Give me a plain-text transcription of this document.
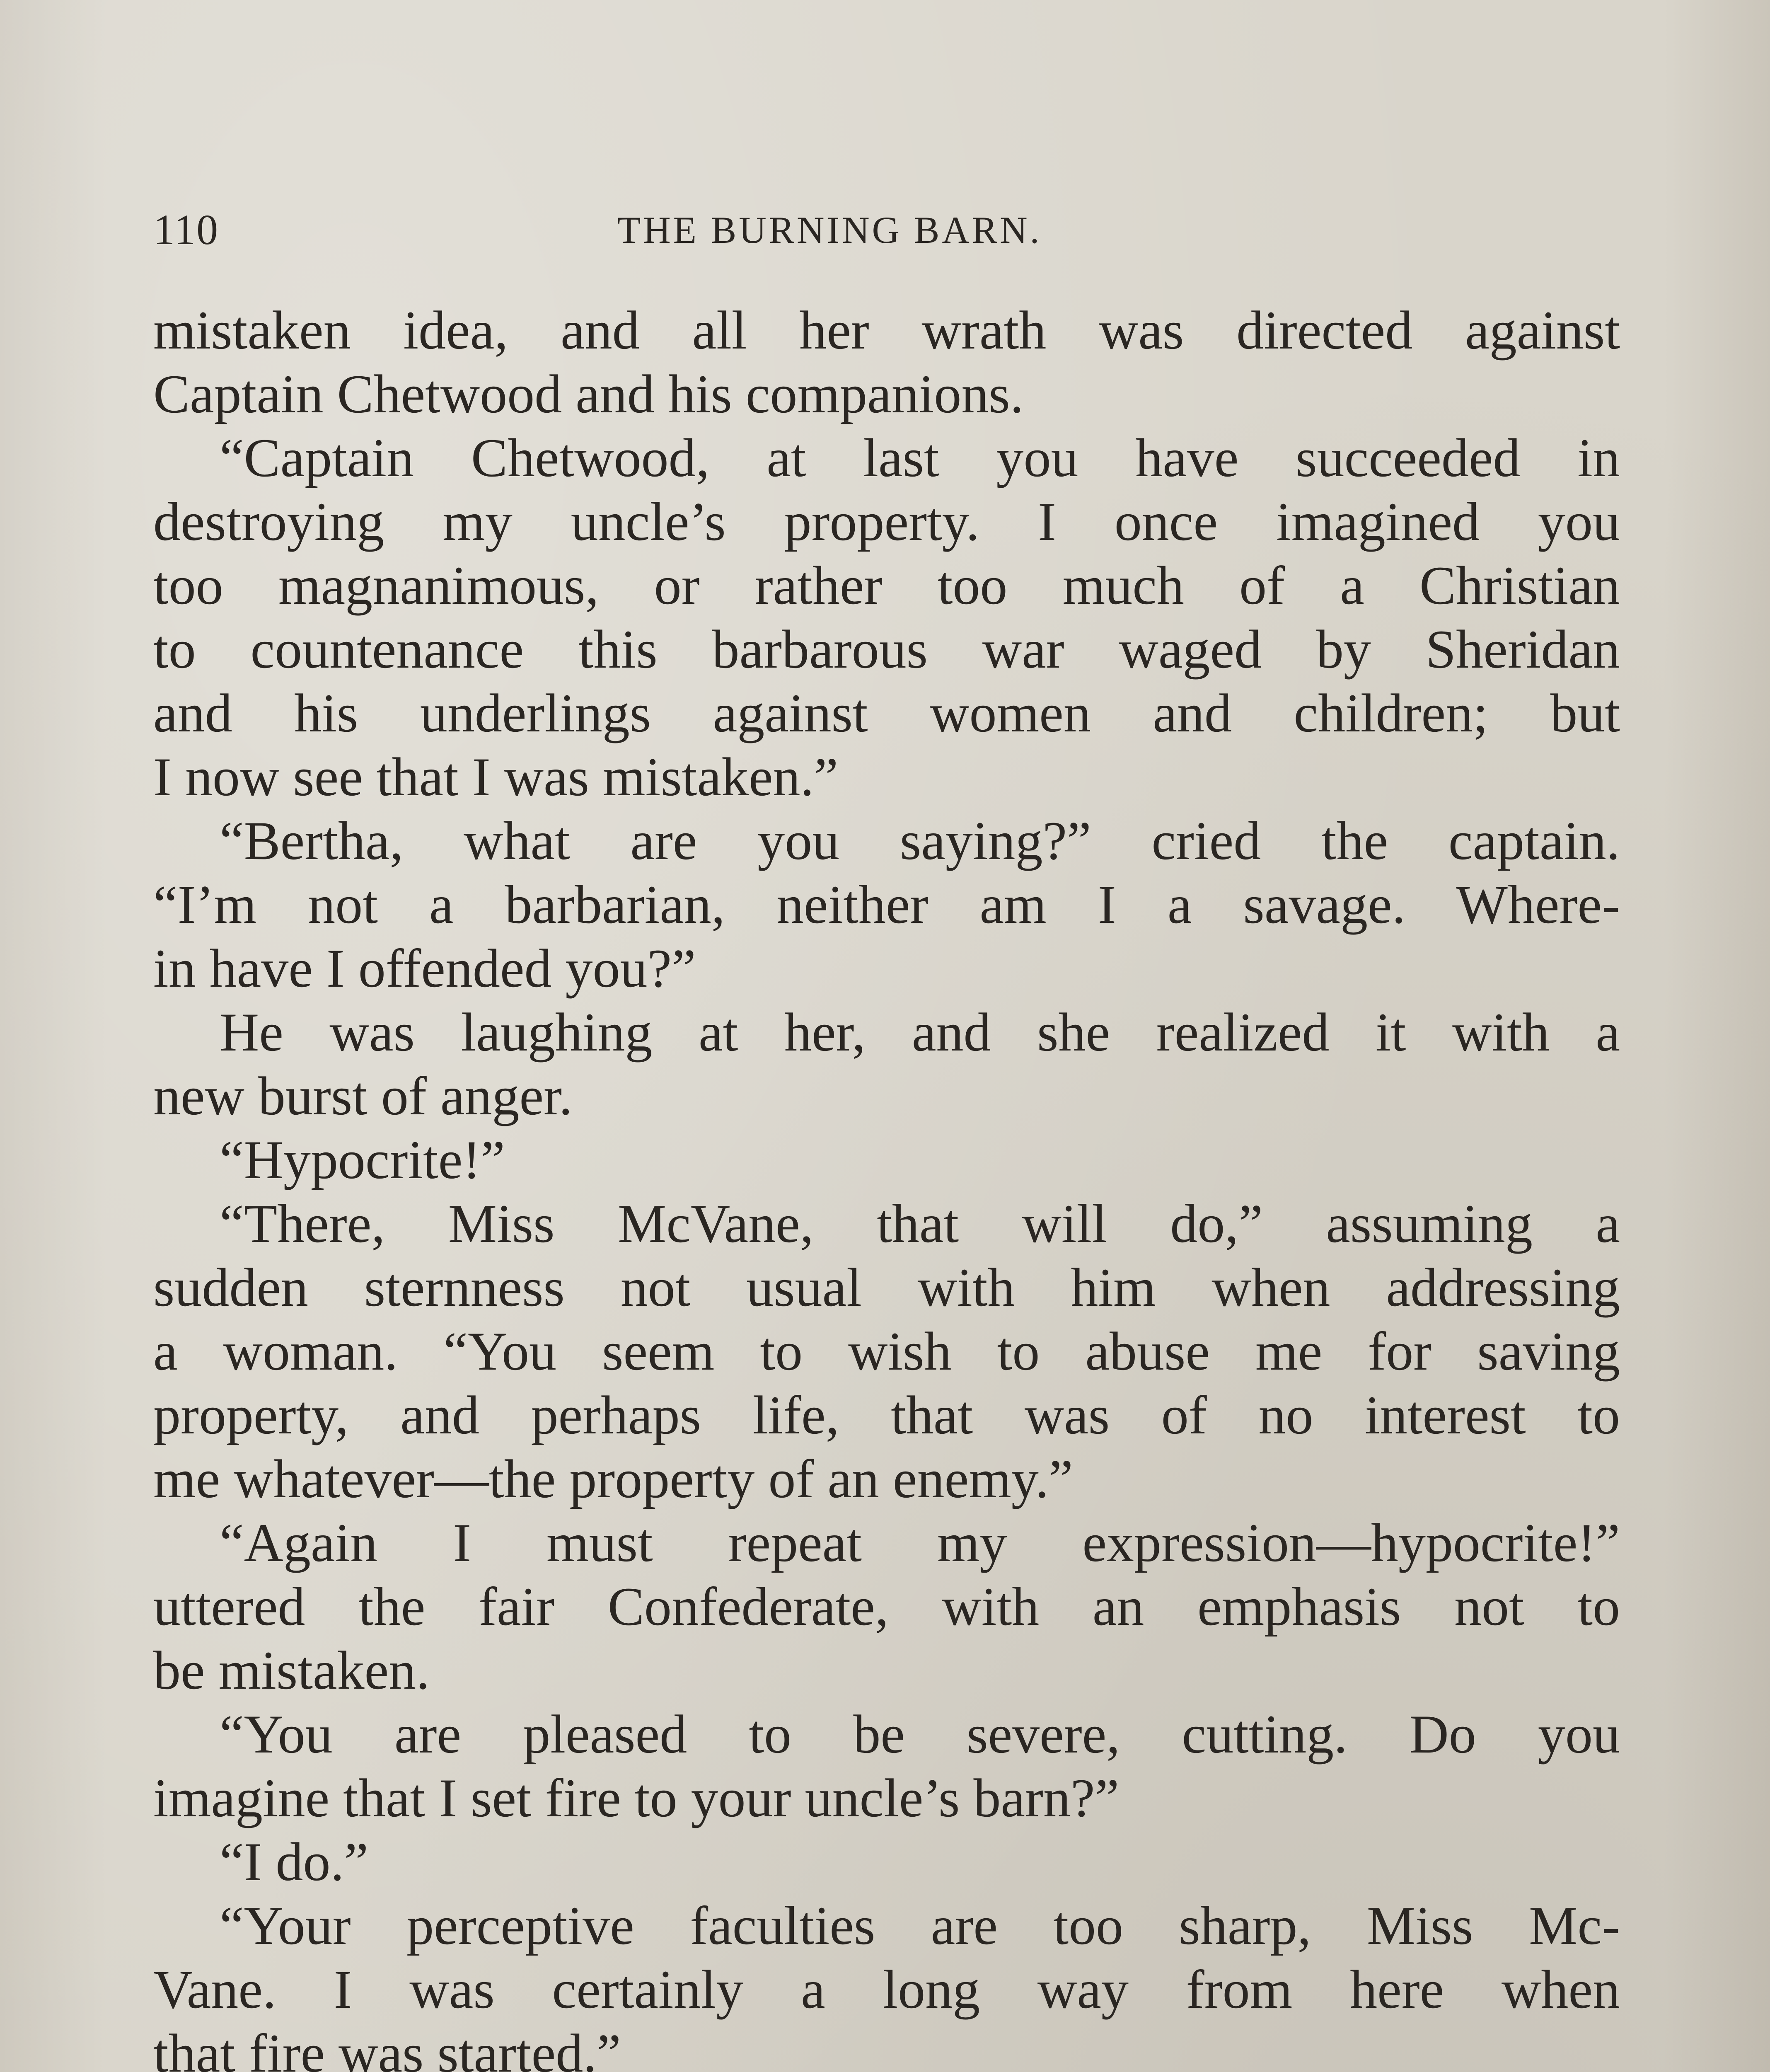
110	THE BURNING BARN.
mistaken idea, and all her wrath was directed against
Captain Chetwood and his companions.
“Captain Chetwood, at last you have succeeded in
destroying my uncle’s property. I once imagined you
too magnanimous, or rather too much of a Christian
to countenance this barbarous war waged by Sheridan
and his underlings against women and children; but
I now see that I was mistaken.”
“Bertha, what are you saying?” cried the captain.
“I’m not a barbarian, neither am I a savage. Where-
in have I offended you?”
He was laughing at her, and she realized it with a
new burst of anger.
“Hypocrite!”
“There, Miss McVane, that will do,” assuming a
sudden sternness not usual with him when addressing
a woman. “You seem to wish to abuse me for saving
property, and perhaps life, that was of no interest to
me whatever—the property of an enemy.”
“Again I must repeat my expression—hypocrite!”
uttered the fair Confederate, with an emphasis not to
be mistaken.
“You are pleased to be severe, cutting. Do you
imagine that I set fire to your uncle’s barn?”
“I do.”
“Your perceptive faculties are too sharp, Miss Mc-
Vane. I was certainly a long way from here when
that fire was started.”
